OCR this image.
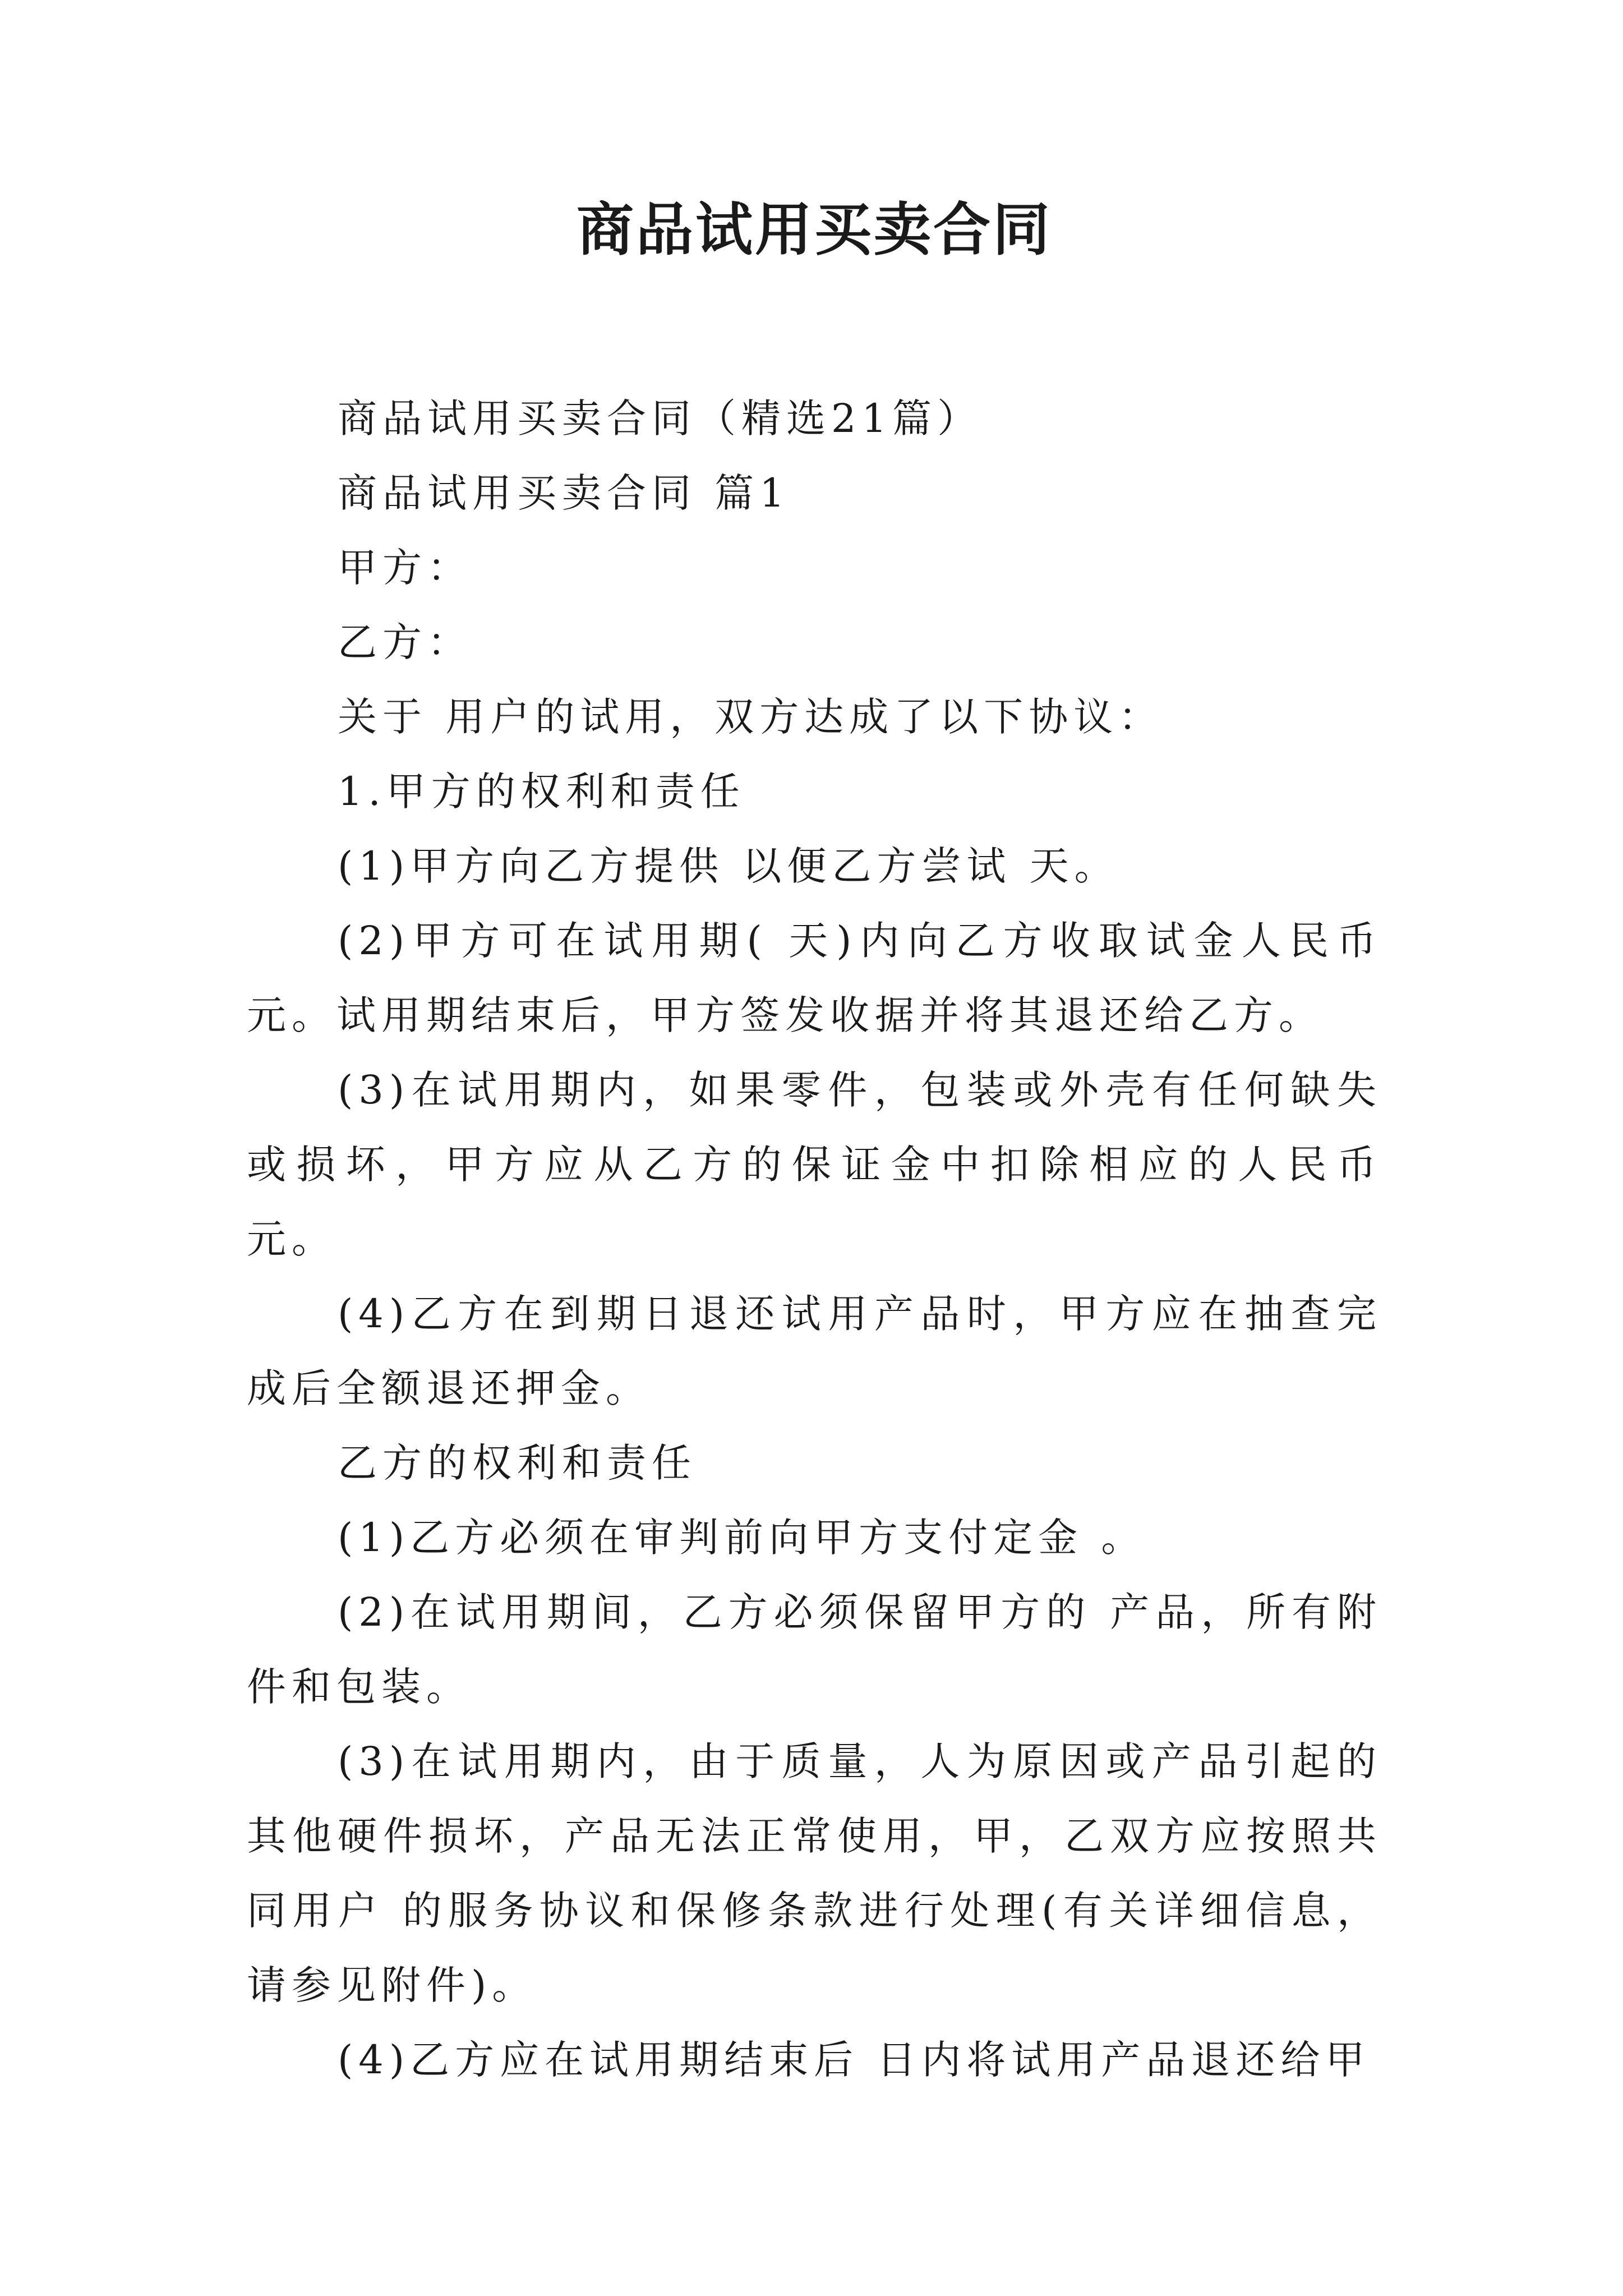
商品试用买卖合同

商品试用买卖合同（精选21篇）

商品试用买卖合同 篇1

甲方：

乙方：

关于 用户的试用，双方达成了以下协议：

1.甲方的权利和责任

(1)甲方向乙方提供 以便乙方尝试 天。

(2)甲方可在试用期( 天)内向乙方收取试金人民币 元。试用期结束后，甲方签发收据并将其退还给乙方。

(3)在试用期内，如果零件，包装或外壳有任何缺失或损坏，甲方应从乙方的保证金中扣除相应的人民币 元。

(4)乙方在到期日退还试用产品时，甲方应在抽查完成后全额退还押金。

乙方的权利和责任

(1)乙方必须在审判前向甲方支付定金 。

(2)在试用期间，乙方必须保留甲方的 产品，所有附件和包装。

(3)在试用期内，由于质量，人为原因或产品引起的其他硬件损坏，产品无法正常使用，甲，乙双方应按照共同用户 的服务协议和保修条款进行处理(有关详细信息，请参见附件)。

(4)乙方应在试用期结束后 日内将试用产品退还给甲
